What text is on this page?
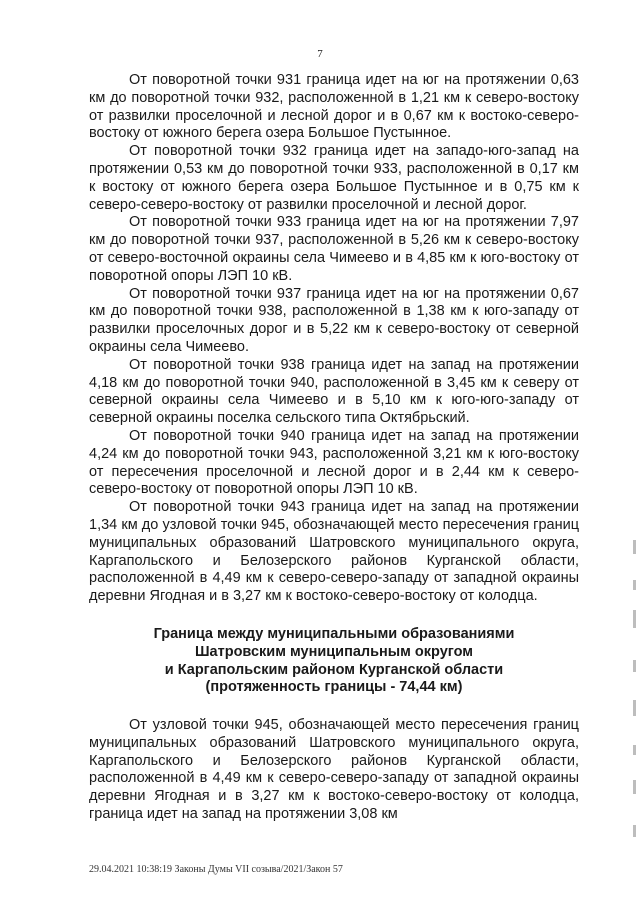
7

От поворотной точки 931 граница идет на юг на протяжении 0,63 км до поворотной точки 932, расположенной в 1,21 км к северо-востоку от развилки проселочной и лесной дорог и в 0,67 км к востоко-северо-востоку от южного берега озера Большое Пустынное.

От поворотной точки 932 граница идет на западо-юго-запад на протяжении 0,53 км до поворотной точки 933, расположенной в 0,17 км к востоку от южного берега озера Большое Пустынное и в 0,75 км к северо-северо-востоку от развилки проселочной и лесной дорог.

От поворотной точки 933 граница идет на юг на протяжении 7,97 км до поворотной точки 937, расположенной в 5,26 км к северо-востоку от северо-восточной окраины села Чимеево и в 4,85 км к юго-востоку от поворотной опоры ЛЭП 10 кВ.

От поворотной точки 937 граница идет на юг на протяжении 0,67 км до поворотной точки 938, расположенной в 1,38 км к юго-западу от развилки проселочных дорог и в 5,22 км к северо-востоку от северной окраины села Чимеево.

От поворотной точки 938 граница идет на запад на протяжении 4,18 км до поворотной точки 940, расположенной в 3,45 км к северу от северной окраины села Чимеево и в 5,10 км к юго-юго-западу от северной окраины поселка сельского типа Октябрьский.

От поворотной точки 940 граница идет на запад на протяжении 4,24 км до поворотной точки 943, расположенной 3,21 км к юго-востоку от пересечения проселочной и лесной дорог и в 2,44 км к северо-северо-востоку от поворотной опоры ЛЭП 10 кВ.

От поворотной точки 943 граница идет на запад на протяжении 1,34 км до узловой точки 945, обозначающей место пересечения границ муниципальных образований Шатровского муниципального округа, Каргапольского и Белозерского районов Курганской области, расположенной в 4,49 км к северо-северо-западу от западной окраины деревни Ягодная и в 3,27 км к востоко-северо-востоку от колодца.

Граница между муниципальными образованиями
Шатровским муниципальным округом
и Каргапольским районом Курганской области
(протяженность границы - 74,44 км)

От узловой точки 945, обозначающей место пересечения границ муниципальных образований Шатровского муниципального округа, Каргапольского и Белозерского районов Курганской области, расположенной в 4,49 км к северо-северо-западу от западной окраины деревни Ягодная и в 3,27 км к востоко-северо-востоку от колодца, граница идет на запад на протяжении 3,08 км

29.04.2021 10:38:19 Законы Думы VII созыва/2021/Закон 57
